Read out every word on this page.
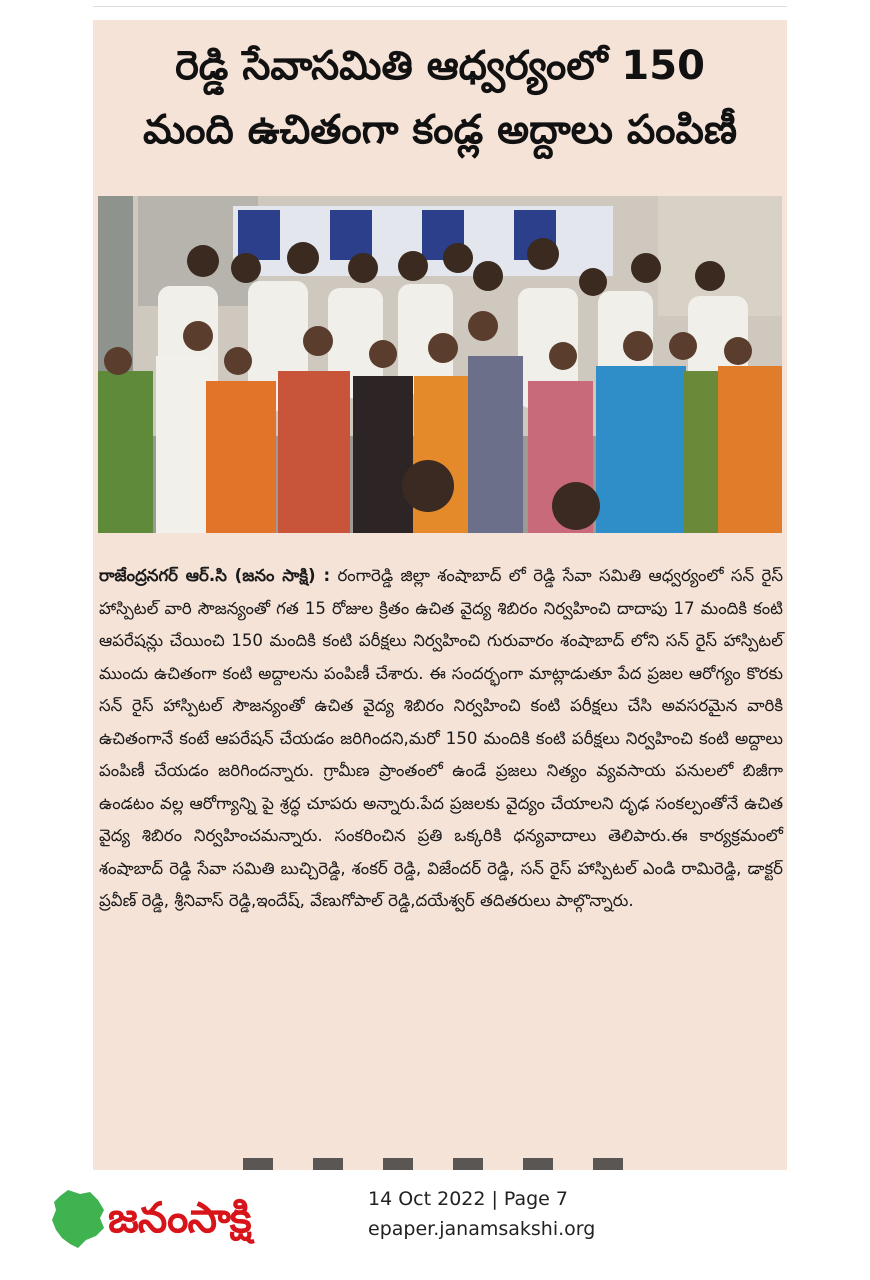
రెడ్డి సేవాసమితి ఆధ్వర్యంలో 150
మంది ఉచితంగా కండ్ల అద్దాలు పంపిణీ
రాజేంద్రనగర్ ఆర్.సి (జనం సాక్షి) : రంగారెడ్డి జిల్లా శంషాబాద్ లో రెడ్డి సేవా సమితి ఆధ్వర్యంలో సన్ రైస్ హాస్పిటల్ వారి సౌజన్యంతో గత 15 రోజుల క్రితం ఉచిత వైద్య శిబిరం నిర్వహించి దాదాపు 17 మందికి కంటి ఆపరేషన్లు చేయించి 150 మందికి కంటి పరీక్షలు నిర్వహించి గురువారం శంషాబాద్ లోని సన్ రైస్ హాస్పిటల్ ముందు ఉచితంగా కంటి అద్దాలను పంపిణీ చేశారు. ఈ సందర్భంగా మాట్లాడుతూ పేద ప్రజల ఆరోగ్యం కొరకు సన్ రైస్ హాస్పిటల్ సౌజన్యంతో ఉచిత వైద్య శిబిరం నిర్వహించి కంటి పరీక్షలు చేసి అవసరమైన వారికి ఉచితంగానే కంటే ఆపరేషన్ చేయడం జరిగిందని,మరో 150 మందికి కంటి పరీక్షలు నిర్వహించి కంటి అద్దాలు పంపిణీ చేయడం జరిగిందన్నారు. గ్రామీణ ప్రాంతంలో ఉండే ప్రజలు నిత్యం వ్యవసాయ పనులలో బిజీగా ఉండటం వల్ల ఆరోగ్యాన్ని పై శ్రద్ధ చూపరు అన్నారు.పేద ప్రజలకు వైద్యం చేయాలని దృఢ సంకల్పంతోనే ఉచిత వైద్య శిబిరం నిర్వహించమన్నారు. సంకరించిన ప్రతి ఒక్కరికి ధన్యవాదాలు తెలిపారు.ఈ కార్యక్రమంలో శంషాబాద్ రెడ్డి సేవా సమితి బుచ్చిరెడ్డి, శంకర్ రెడ్డి, విజేందర్ రెడ్డి, సన్ రైస్ హాస్పిటల్ ఎండి రామిరెడ్డి, డాక్టర్ ప్రవీణ్ రెడ్డి, శ్రీనివాస్ రెడ్డి,ఇందేష్, వేణుగోపాల్ రెడ్డి,దయేశ్వర్ తదితరులు పాల్గొన్నారు.
జనంసాక్షి	14 Oct 2022 | Page 7
epaper.janamsakshi.org
